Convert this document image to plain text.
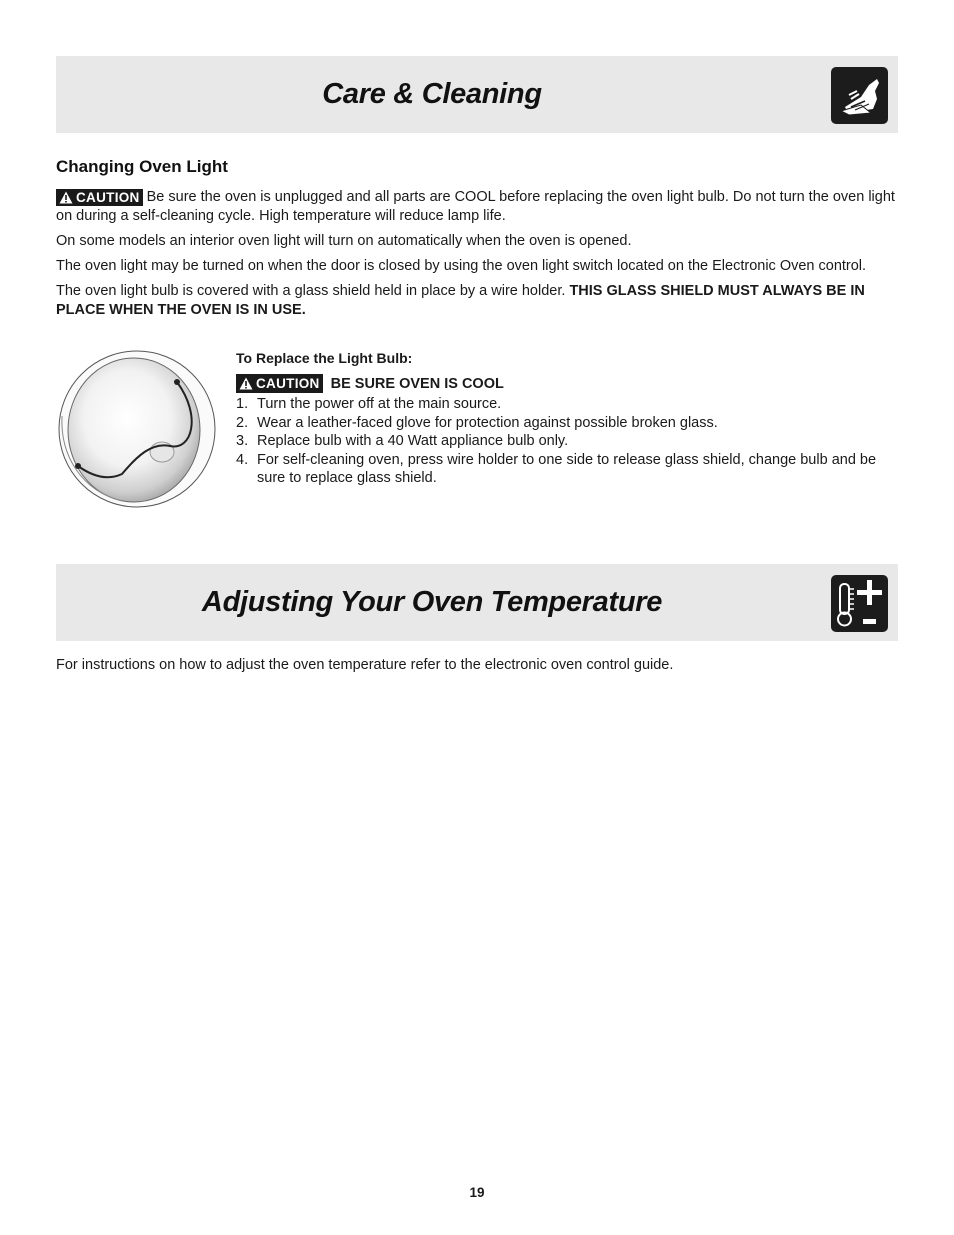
Care & Cleaning
Changing Oven Light
CAUTION Be sure the oven is unplugged and all parts are COOL before replacing the oven light bulb. Do not turn the oven light on during a self-cleaning cycle. High temperature will reduce lamp life.
On some models an interior oven light will turn on automatically when the oven is opened.
The oven light may be turned on when the door is closed by using the oven light switch located on the Electronic Oven control.
The oven light bulb is covered with a glass shield held in place by a wire holder. THIS GLASS SHIELD MUST ALWAYS BE IN PLACE WHEN THE OVEN IS IN USE.
To Replace the Light Bulb:
CAUTION BE SURE OVEN IS COOL
1. Turn the power off at the main source.
2. Wear a leather-faced glove for protection against possible broken glass.
3. Replace bulb with a 40 Watt appliance bulb only.
4. For self-cleaning oven, press wire holder to one side to release glass shield, change bulb and be sure to replace glass shield.
Adjusting Your Oven Temperature
For instructions on how to adjust the oven temperature refer to the electronic oven control guide.
19
